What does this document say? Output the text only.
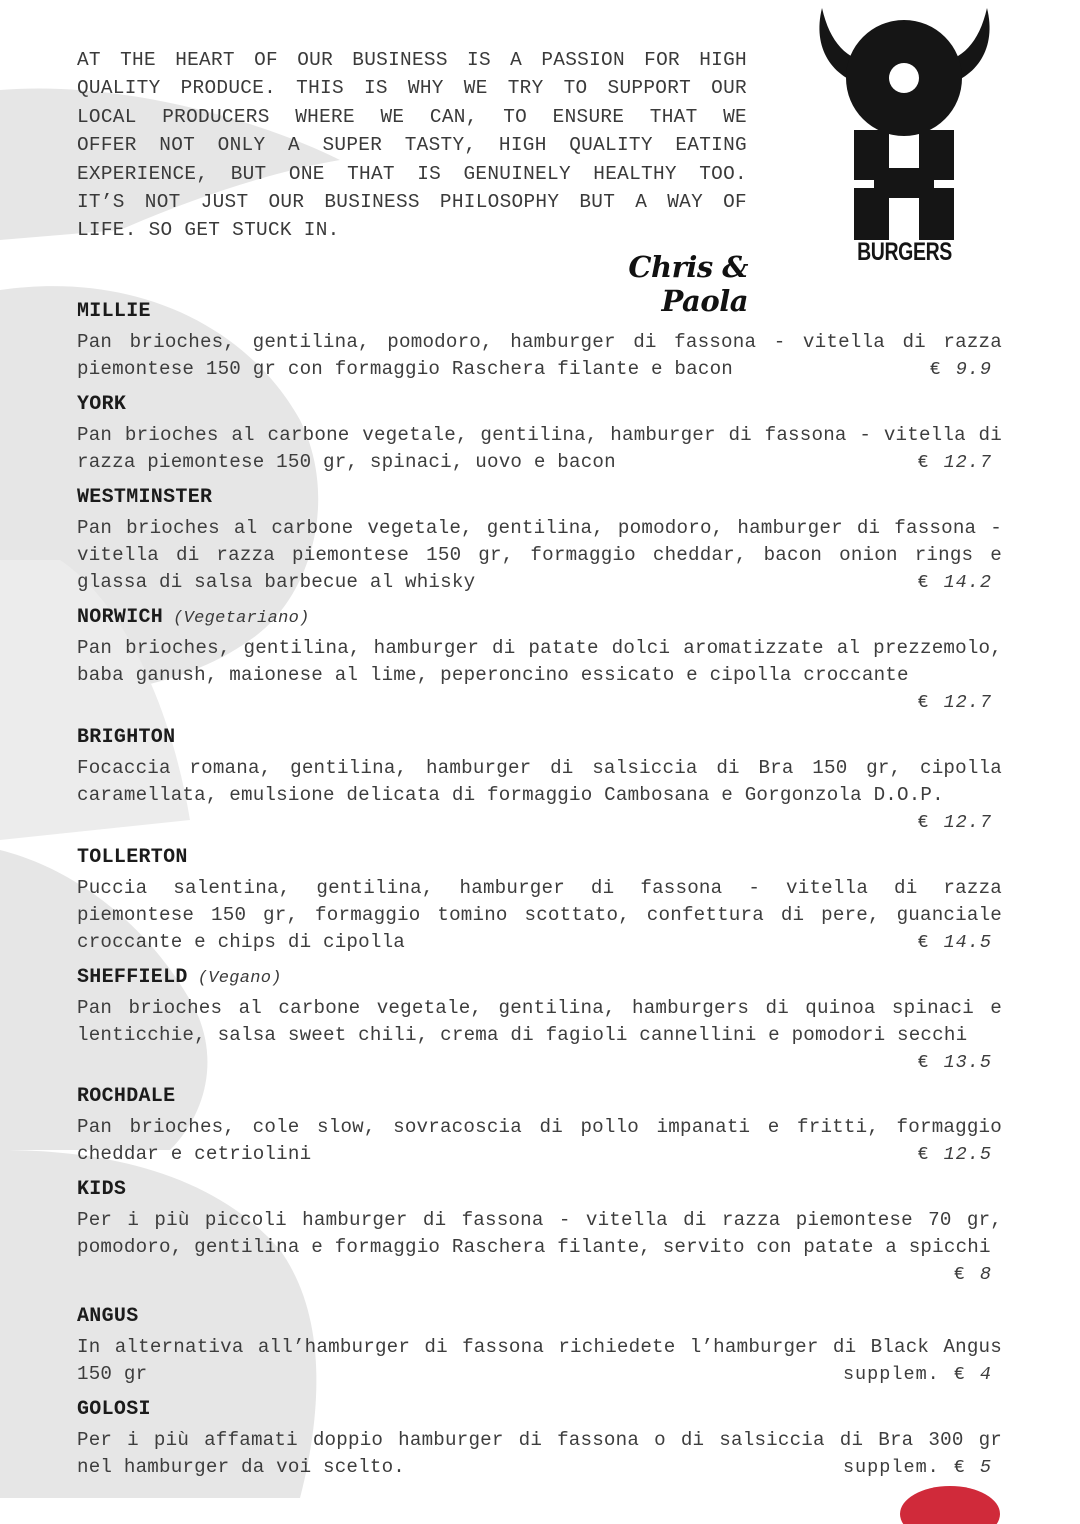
BURGERS
AT THE HEART OF OUR BUSINESS IS A PASSION FOR HIGH
QUALITY PRODUCE. THIS IS WHY WE TRY TO SUPPORT OUR
LOCAL PRODUCERS WHERE WE CAN, TO ENSURE THAT WE
OFFER NOT ONLY A SUPER TASTY, HIGH QUALITY EATING
EXPERIENCE, BUT ONE THAT IS GENUINELY HEALTHY TOO.
IT’S NOT JUST OUR BUSINESS PHILOSOPHY BUT A WAY OF
LIFE. SO GET STUCK IN.
Chris & Paola
MILLIE
Pan brioches, gentilina, pomodoro, hamburger di fassona - vitella di razza piemontese 150 gr con formaggio Raschera filante e bacon	€ 9.9
YORK
Pan brioches al carbone vegetale, gentilina, hamburger di fassona - vitella di razza piemontese 150 gr, spinaci, uovo e bacon	€ 12.7
WESTMINSTER
Pan brioches al carbone vegetale, gentilina, pomodoro, hamburger di fassona - vitella di razza piemontese 150 gr, formaggio cheddar, bacon onion rings e glassa di salsa barbecue al whisky	€ 14.2
NORWICH (Vegetariano)
Pan brioches, gentilina, hamburger di patate dolci aromatizzate al prezzemolo, baba ganush, maionese al lime, peperoncino essicato e cipolla croccante
€ 12.7
BRIGHTON
Focaccia romana, gentilina, hamburger di salsiccia di Bra 150 gr, cipolla caramellata, emulsione delicata di formaggio Cambosana e Gorgonzola D.O.P.
€ 12.7
TOLLERTON
Puccia salentina, gentilina, hamburger di fassona - vitella di razza piemontese 150 gr, formaggio tomino scottato, confettura di pere, guanciale croccante e chips di cipolla	€ 14.5
SHEFFIELD (Vegano)
Pan brioches al carbone vegetale, gentilina, hamburgers di quinoa spinaci e lenticchie, salsa sweet chili, crema di fagioli cannellini e pomodori secchi
€ 13.5
ROCHDALE
Pan brioches, cole slow, sovracoscia di pollo impanati e fritti, formaggio cheddar e cetriolini	€ 12.5
KIDS
Per i più piccoli hamburger di fassona - vitella di razza piemontese 70 gr, pomodoro, gentilina e formaggio Raschera filante, servito con patate a spicchi
€ 8
ANGUS
In alternativa all’hamburger di fassona richiedete l’hamburger di Black Angus 150 gr	supplem. € 4
GOLOSI
Per i più affamati doppio hamburger di fassona o di salsiccia di Bra 300 gr nel hamburger da voi scelto.	supplem. € 5
